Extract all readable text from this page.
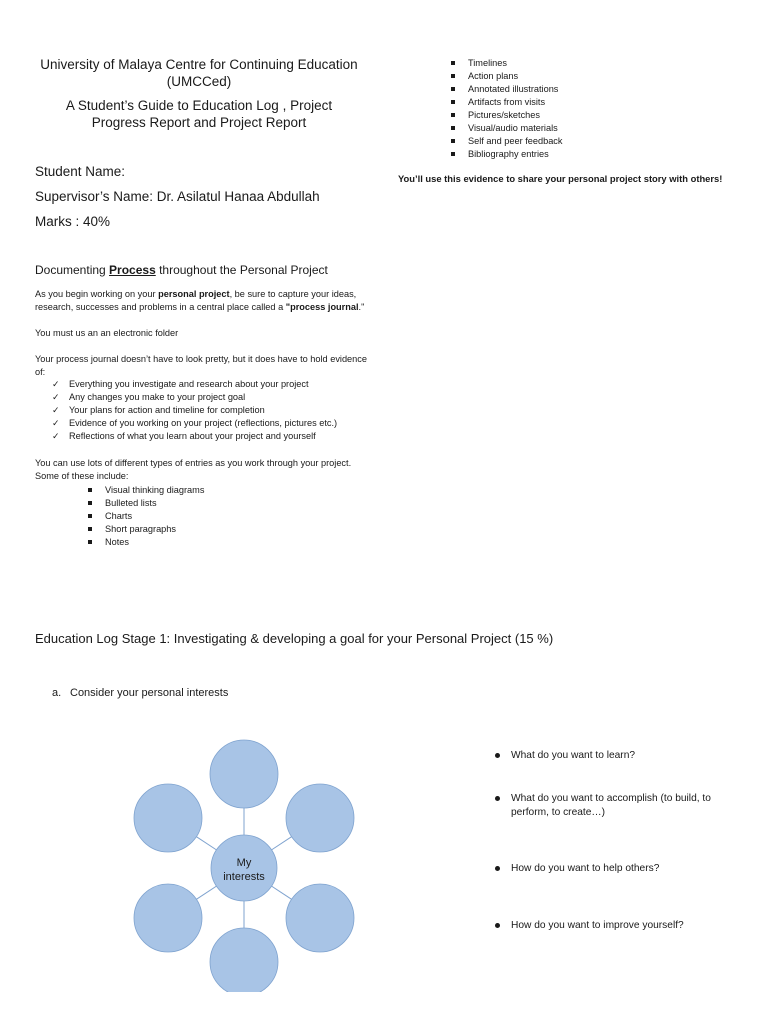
University of Malaya Centre for Continuing Education (UMCCed)
A Student’s Guide to Education Log , Project Progress Report and Project Report
Student Name:
Supervisor’s Name: Dr. Asilatul Hanaa Abdullah
Marks : 40%
Documenting Process throughout the Personal Project
As you begin working on your personal project, be sure to capture your ideas, research, successes and problems in a central place called a "process journal."
You must us an an electronic folder
Your process journal doesn’t have to look pretty, but it does have to hold evidence of:
✓ Everything you investigate and research about your project
✓ Any changes you make to your project goal
✓ Your plans for action and timeline for completion
✓ Evidence of you working on your project (reflections, pictures etc.)
✓ Reflections of what you learn about your project and yourself
You can use lots of different types of entries as you work through your project. Some of these include:
Visual thinking diagrams
Bulleted lists
Charts
Short paragraphs
Notes
Timelines
Action plans
Annotated illustrations
Artifacts from visits
Pictures/sketches
Visual/audio materials
Self and peer feedback
Bibliography entries
You’ll use this evidence to share your personal project story with others!
Education Log Stage 1: Investigating & developing a goal for your Personal Project (15 %)
a. Consider your personal interests
My
interests
What do you want to learn?
What do you want to accomplish (to build, to perform, to create…)
How do you want to help others?
How do you want to improve yourself?
